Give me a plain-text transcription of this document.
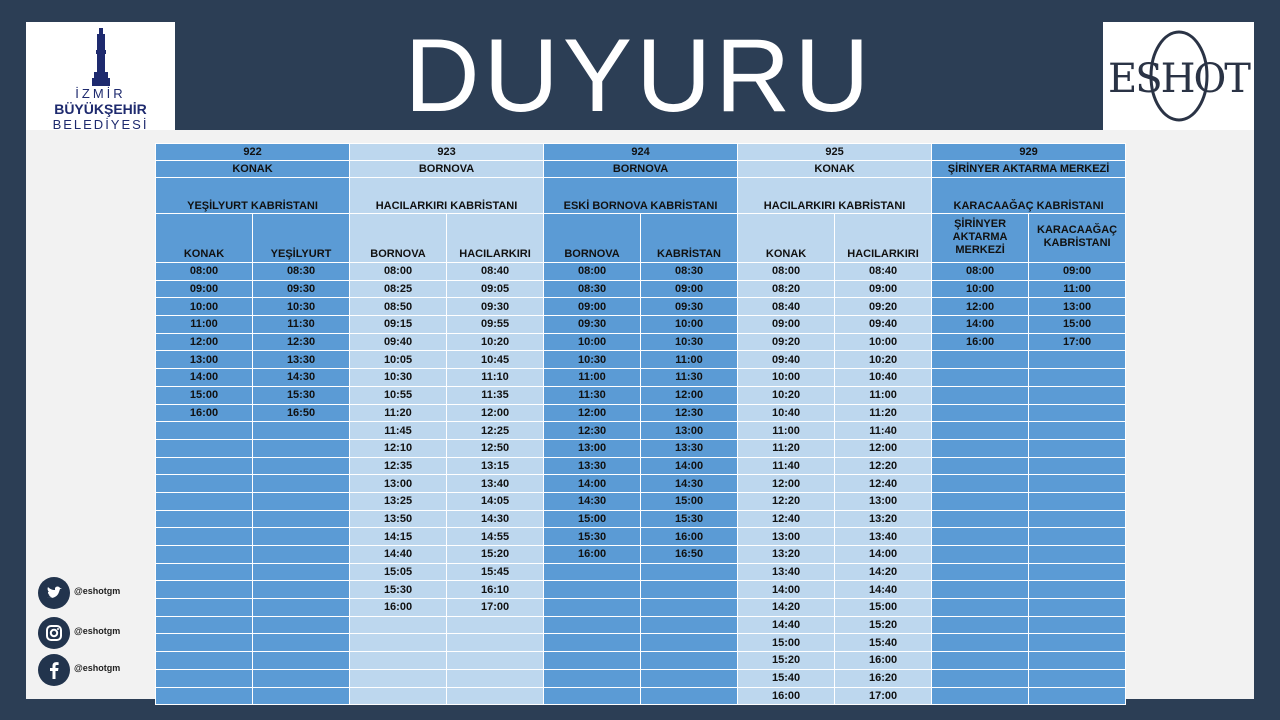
İZMİR
BÜYÜKŞEHİR
BELEDİYESİ DUYURU	ESHOT
922		923		924		925		929	
KONAK		BORNOVA		BORNOVA		KONAK		ŞİRİNYER AKTARMA MERKEZİ	
YEŞİLYURT KABRİSTANI		HACILARKIRI KABRİSTANI		ESKİ BORNOVA KABRİSTANI		HACILARKIRI KABRİSTANI		KARACAAĞAÇ KABRİSTANI	
KONAK	YEŞİLYURT	BORNOVA	HACILARKIRI	BORNOVA	KABRİSTAN	KONAK	HACILARKIRI	ŞİRİNYER AKTARMA MERKEZİ	KARACAAĞAÇ KABRİSTANI
08:00	08:30	08:00	08:40	08:00	08:30	08:00	08:40	08:00	09:00
09:00	09:30	08:25	09:05	08:30	09:00	08:20	09:00	10:00	11:00
10:00	10:30	08:50	09:30	09:00	09:30	08:40	09:20	12:00	13:00
11:00	11:30	09:15	09:55	09:30	10:00	09:00	09:40	14:00	15:00
12:00	12:30	09:40	10:20	10:00	10:30	09:20	10:00	16:00	17:00
13:00	13:30	10:05	10:45	10:30	11:00	09:40	10:20		
14:00	14:30	10:30	11:10	11:00	11:30	10:00	10:40		
15:00	15:30	10:55	11:35	11:30	12:00	10:20	11:00		
16:00	16:50	11:20	12:00	12:00	12:30	10:40	11:20		
		11:45	12:25	12:30	13:00	11:00	11:40		
		12:10	12:50	13:00	13:30	11:20	12:00		
		12:35	13:15	13:30	14:00	11:40	12:20		
		13:00	13:40	14:00	14:30	12:00	12:40		
		13:25	14:05	14:30	15:00	12:20	13:00		
		13:50	14:30	15:00	15:30	12:40	13:20		
		14:15	14:55	15:30	16:00	13:00	13:40		
		14:40	15:20	16:00	16:50	13:20	14:00		
		15:05	15:45			13:40	14:20		
		15:30	16:10			14:00	14:40		
		16:00	17:00			14:20	15:00		
						14:40	15:20		
						15:00	15:40		
						15:20	16:00		
						15:40	16:20		
						16:00	17:00		
@eshotgm
@eshotgm
@eshotgm
